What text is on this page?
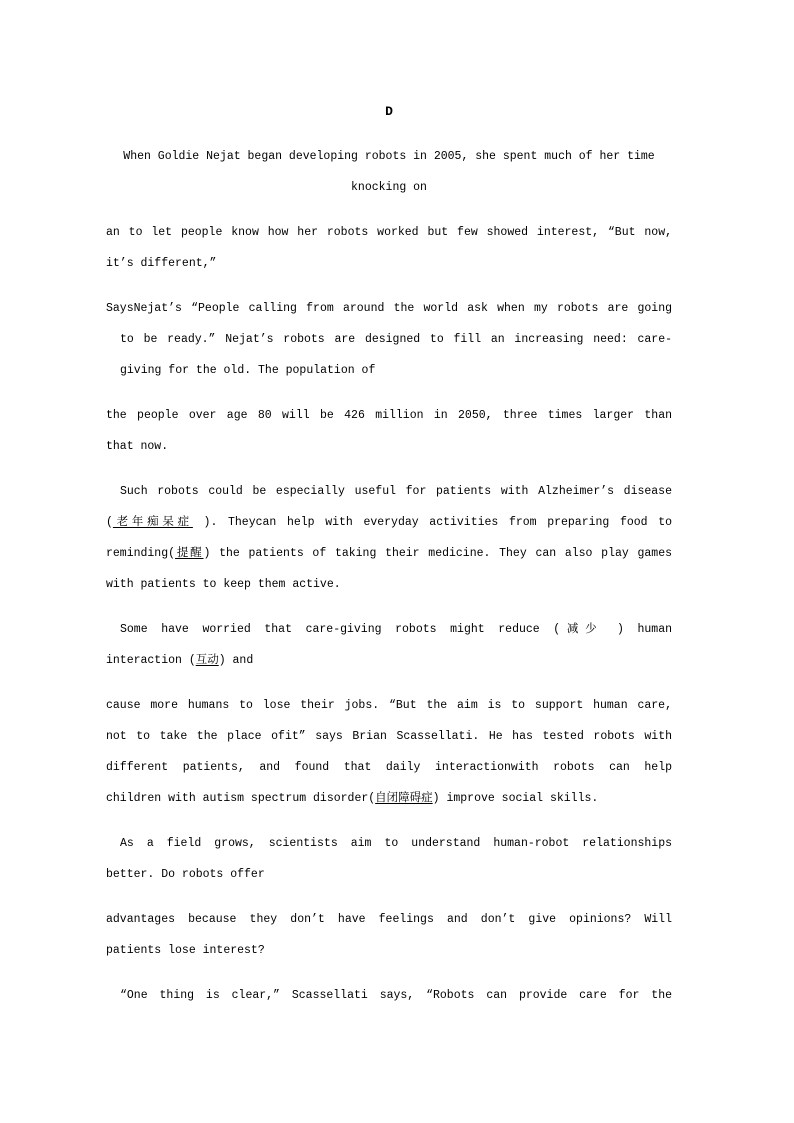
D
When Goldie Nejat began developing robots in 2005, she spent much of her time
knocking on
an to let people know how her robots worked but few showed interest, “But now,
it’s different,”
SaysNejat’s “People calling from around the world ask when my robots are going
to be ready.” Nejat’s robots are designed to fill an increasing need: care-
giving for the old. The population of
the people over age 80 will be 426 million in 2050, three times larger than
that now.
Such robots could be especially useful for patients with Alzheimer’s disease
(老年痴呆症 ). Theycan help with everyday activities from preparing food to
reminding(提醒) the patients of taking their medicine. They can also play games
with patients to keep them active.
Some have worried that care-giving robots might reduce (减少 ) human
interaction (互动) and
cause more humans to lose their jobs. “But the aim is to support human care,
not to take the place ofit” says Brian Scassellati. He has tested robots with
different patients, and found that daily interactionwith robots can help
children with autism spectrum disorder(自闭障碍症) improve social skills.
As a field grows, scientists aim to understand human-robot relationships
better. Do robots offer
advantages because they don’t have feelings and don’t give opinions? Will
patients lose interest?
“One thing is clear,” Scassellati says, “Robots can provide care for the
